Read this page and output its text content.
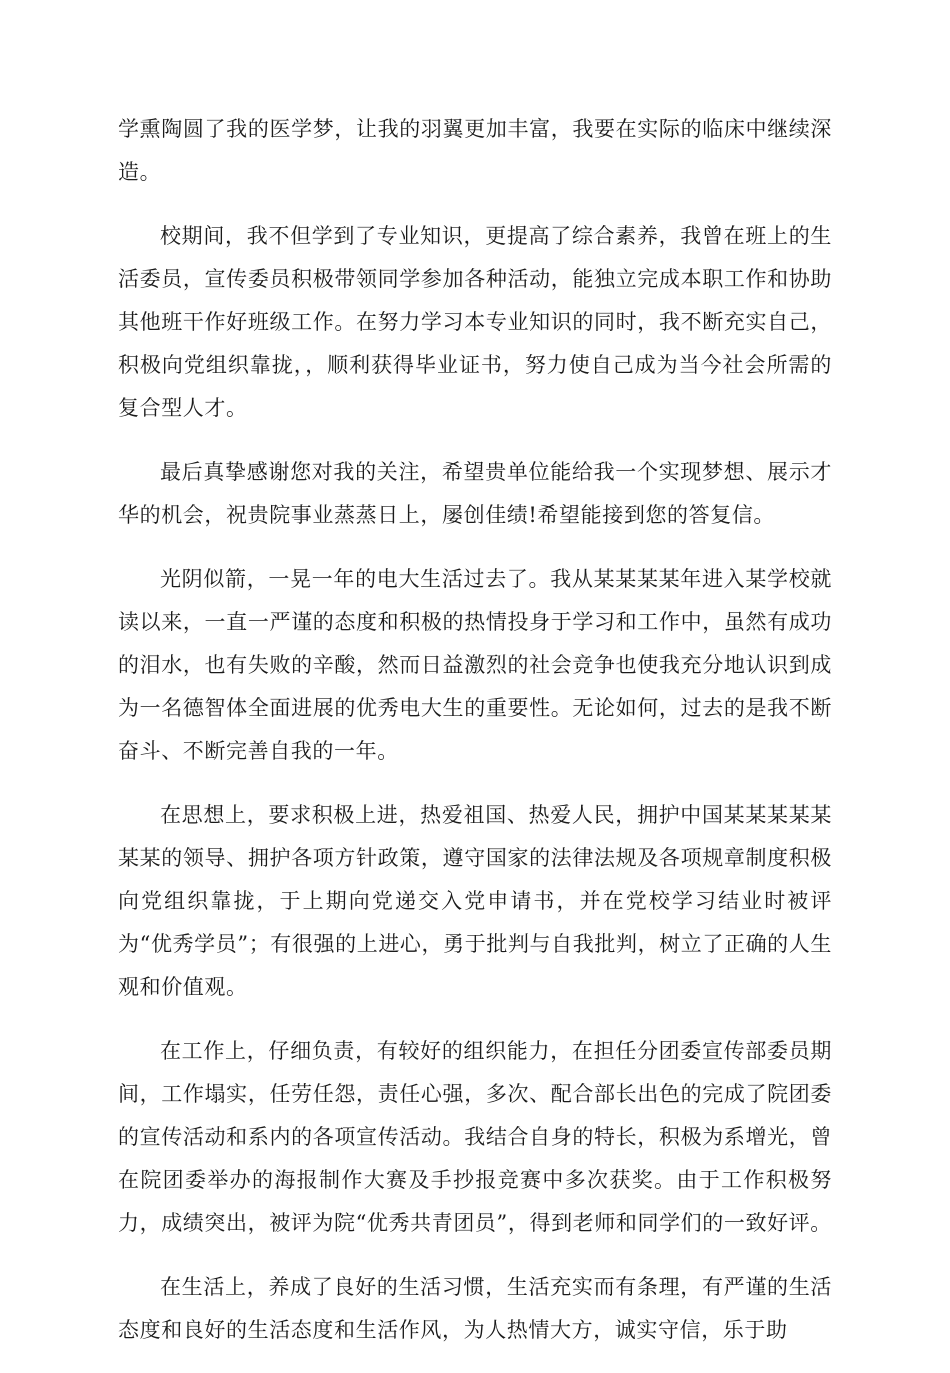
学熏陶圆了我的医学梦，让我的羽翼更加丰富，我要在实际的临床中继续深造。

校期间，我不但学到了专业知识，更提高了综合素养，我曾在班上的生活委员，宣传委员积极带领同学参加各种活动，能独立完成本职工作和协助其他班干作好班级工作。在努力学习本专业知识的同时，我不断充实自己，积极向党组织靠拢，，顺利获得毕业证书，努力使自己成为当今社会所需的复合型人才。

最后真挚感谢您对我的关注，希望贵单位能给我一个实现梦想、展示才华的机会，祝贵院事业蒸蒸日上，屡创佳绩!希望能接到您的答复信。

光阴似箭，一晃一年的电大生活过去了。我从某某某某年进入某学校就读以来，一直一严谨的态度和积极的热情投身于学习和工作中，虽然有成功的泪水，也有失败的辛酸，然而日益激烈的社会竞争也使我充分地认识到成为一名德智体全面进展的优秀电大生的重要性。无论如何，过去的是我不断奋斗、不断完善自我的一年。

在思想上，要求积极上进，热爱祖国、热爱人民，拥护中国某某某某某某某的领导、拥护各项方针政策，遵守国家的法律法规及各项规章制度积极向党组织靠拢，于上期向党递交入党申请书，并在党校学习结业时被评为“优秀学员”；有很强的上进心，勇于批判与自我批判，树立了正确的人生观和价值观。

在工作上，仔细负责，有较好的组织能力，在担任分团委宣传部委员期间，工作塌实，任劳任怨，责任心强，多次、配合部长出色的完成了院团委的宣传活动和系内的各项宣传活动。我结合自身的特长，积极为系增光，曾在院团委举办的海报制作大赛及手抄报竞赛中多次获奖。由于工作积极努力，成绩突出，被评为院“优秀共青团员”，得到老师和同学们的一致好评。

在生活上，养成了良好的生活习惯，生活充实而有条理，有严谨的生活态度和良好的生活态度和生活作风，为人热情大方，诚实守信，乐于助
